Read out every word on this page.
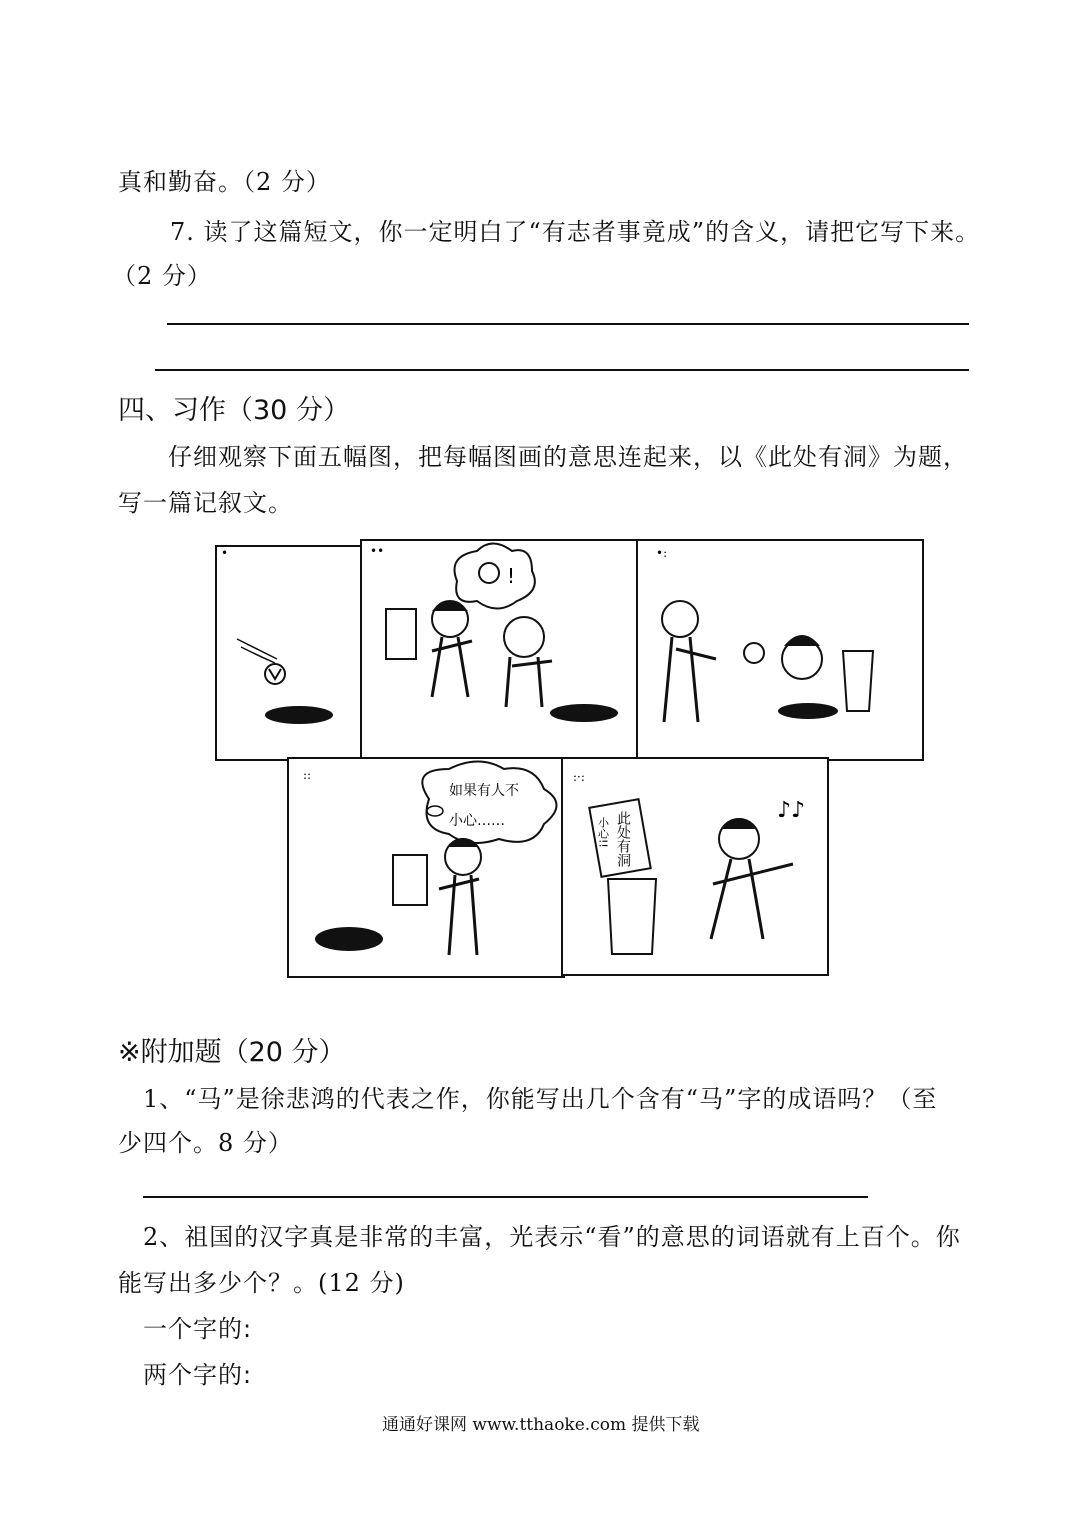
真和勤奋。（2 分）
7. 读了这篇短文，你一定明白了“有志者事竟成”的含义，请把它写下来。
（2 分）
四、习作（30 分）
仔细观察下面五幅图，把每幅图画的意思连起来，以《此处有洞》为题，
写一篇记叙文。
•	••
!
•:
::
如果有人不
小心……
:·:
此处有洞
小心!!
♪♪
※附加题（20 分）
1、“马”是徐悲鸿的代表之作，你能写出几个含有“马”字的成语吗？（至
少四个。8 分）
2、祖国的汉字真是非常的丰富，光表示“看”的意思的词语就有上百个。你
能写出多少个？。(12 分)
一个字的:
两个字的:
通通好课网 www.tthaoke.com 提供下载
